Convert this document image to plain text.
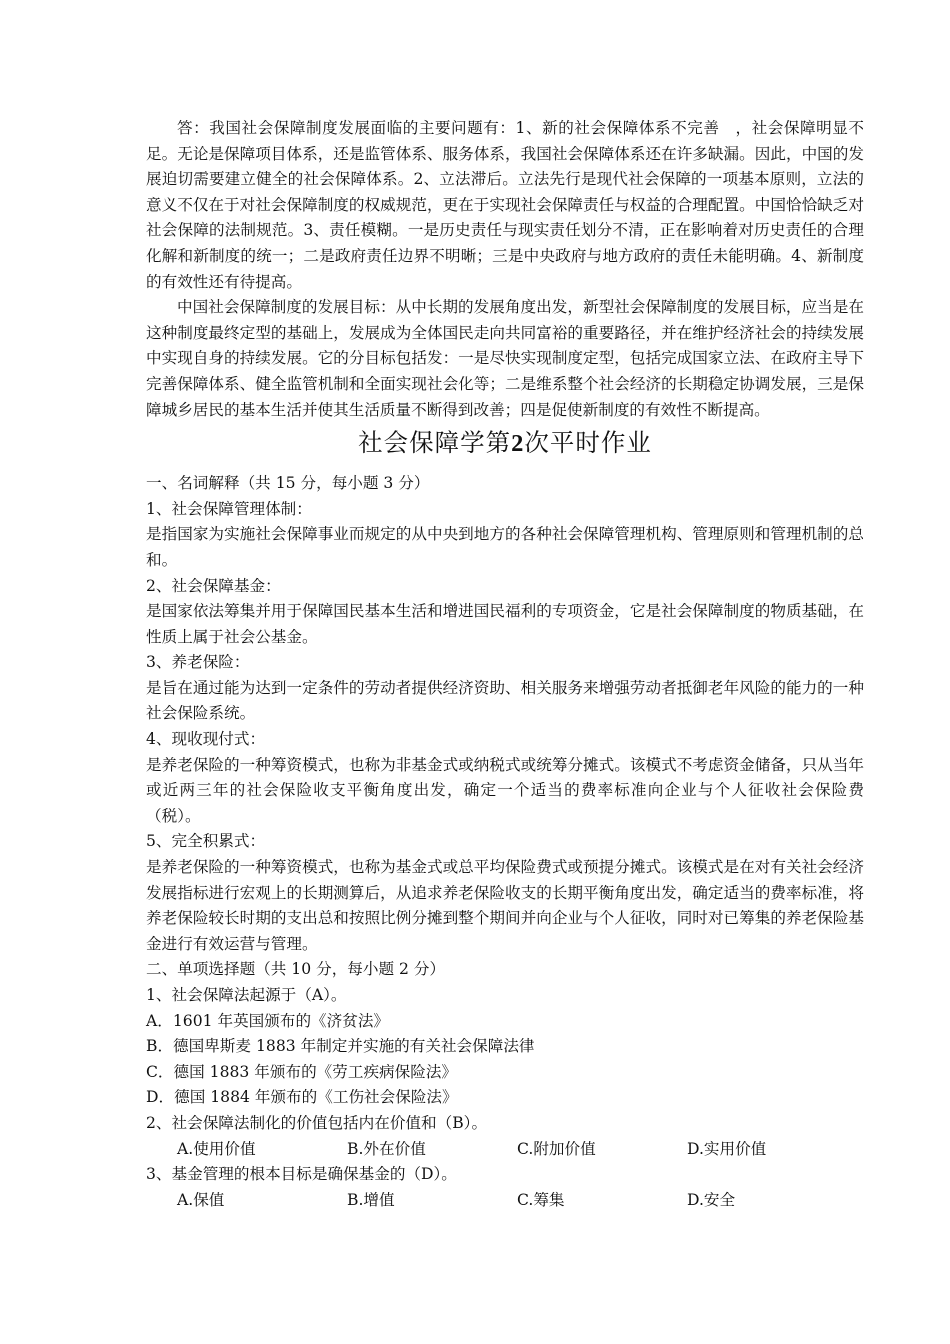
答：我国社会保障制度发展面临的主要问题有：1、新的社会保障体系不完善　，社会保障明显不足。无论是保障项目体系，还是监管体系、服务体系，我国社会保障体系还在许多缺漏。因此，中国的发展迫切需要建立健全的社会保障体系。2、立法滞后。立法先行是现代社会保障的一项基本原则，立法的意义不仅在于对社会保障制度的权威规范，更在于实现社会保障责任与权益的合理配置。中国恰恰缺乏对社会保障的法制规范。3、责任模糊。一是历史责任与现实责任划分不清，正在影响着对历史责任的合理化解和新制度的统一；二是政府责任边界不明晰；三是中央政府与地方政府的责任未能明确。4、新制度的有效性还有待提高。

中国社会保障制度的发展目标：从中长期的发展角度出发，新型社会保障制度的发展目标，应当是在这种制度最终定型的基础上，发展成为全体国民走向共同富裕的重要路径，并在维护经济社会的持续发展中实现自身的持续发展。它的分目标包括发：一是尽快实现制度定型，包括完成国家立法、在政府主导下完善保障体系、健全监管机制和全面实现社会化等；二是维系整个社会经济的长期稳定协调发展，三是保障城乡居民的基本生活并使其生活质量不断得到改善；四是促使新制度的有效性不断提高。

社会保障学第2次平时作业

一、名词解释（共 15 分，每小题 3 分）

1、社会保障管理体制：

是指国家为实施社会保障事业而规定的从中央到地方的各种社会保障管理机构、管理原则和管理机制的总和。

2、社会保障基金：

是国家依法筹集并用于保障国民基本生活和增进国民福利的专项资金，它是社会保障制度的物质基础，在性质上属于社会公基金。

3、养老保险：

是旨在通过能为达到一定条件的劳动者提供经济资助、相关服务来增强劳动者抵御老年风险的能力的一种社会保险系统。

4、现收现付式：

是养老保险的一种筹资模式，也称为非基金式或纳税式或统筹分摊式。该模式不考虑资金储备，只从当年或近两三年的社会保险收支平衡角度出发，确定一个适当的费率标准向企业与个人征收社会保险费（税）。

5、完全积累式：

是养老保险的一种筹资模式，也称为基金式或总平均保险费式或预提分摊式。该模式是在对有关社会经济发展指标进行宏观上的长期测算后，从追求养老保险收支的长期平衡角度出发，确定适当的费率标准，将养老保险较长时期的支出总和按照比例分摊到整个期间并向企业与个人征收，同时对已筹集的养老保险基金进行有效运营与管理。

二、单项选择题（共 10 分，每小题 2 分）

1、社会保障法起源于（A）。

A．1601 年英国颁布的《济贫法》

B．德国卑斯麦 1883 年制定并实施的有关社会保障法律

C．德国 1883 年颁布的《劳工疾病保险法》

D．德国 1884 年颁布的《工伤社会保险法》

2、社会保障法制化的价值包括内在价值和（B）。

A.使用价值	B.外在价值	C.附加价值	D.实用价值

3、基金管理的根本目标是确保基金的（D）。

A.保值	B.增值	C.筹集	D.安全
